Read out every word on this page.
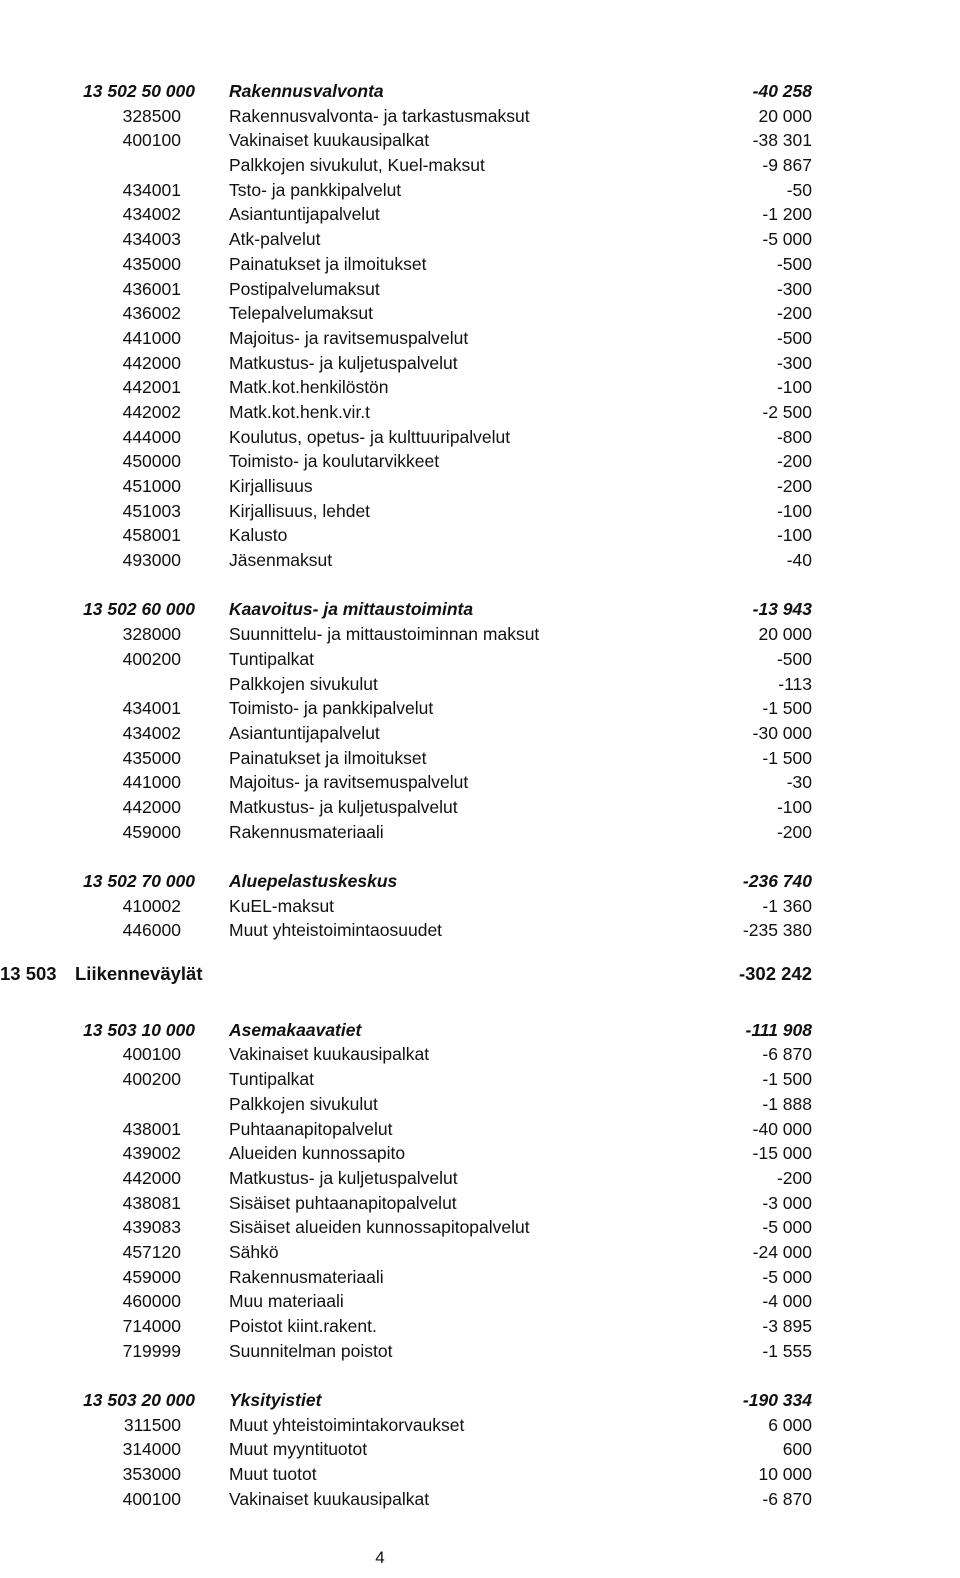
13 502 50 000 Rakennusvalvonta	-40 258
328500	Rakennusvalvonta- ja tarkastusmaksut	20 000
400100	Vakinaiset kuukausipalkat	-38 301
Palkkojen sivukulut, Kuel-maksut	-9 867
434001	Tsto- ja pankkipalvelut	-50
434002	Asiantuntijapalvelut	-1 200
434003	Atk-palvelut	-5 000
435000	Painatukset ja ilmoitukset	-500
436001	Postipalvelumaksut	-300
436002	Telepalvelumaksut	-200
441000	Majoitus- ja ravitsemuspalvelut	-500
442000	Matkustus- ja kuljetuspalvelut	-300
442001	Matk.kot.henkilöstön	-100
442002	Matk.kot.henk.vir.t	-2 500
444000	Koulutus, opetus- ja kulttuuripalvelut	-800
450000	Toimisto- ja koulutarvikkeet	-200
451000	Kirjallisuus	-200
451003	Kirjallisuus, lehdet	-100
458001	Kalusto	-100
493000	Jäsenmaksut	-40
13 502 60 000 Kaavoitus- ja mittaustoiminta	-13 943
328000	Suunnittelu- ja mittaustoiminnan maksut	20 000
400200	Tuntipalkat	-500
Palkkojen sivukulut	-113
434001	Toimisto- ja pankkipalvelut	-1 500
434002	Asiantuntijapalvelut	-30 000
435000	Painatukset ja ilmoitukset	-1 500
441000	Majoitus- ja ravitsemuspalvelut	-30
442000	Matkustus- ja kuljetuspalvelut	-100
459000	Rakennusmateriaali	-200
13 502 70 000 Aluepelastuskeskus	-236 740
410002	KuEL-maksut	-1 360
446000	Muut yhteistoimintaosuudet	-235 380
13 503 Liikenneväylät	-302 242
13 503 10 000 Asemakaavatiet	-111 908
400100	Vakinaiset kuukausipalkat	-6 870
400200	Tuntipalkat	-1 500
Palkkojen sivukulut	-1 888
438001	Puhtaanapitopalvelut	-40 000
439002	Alueiden kunnossapito	-15 000
442000	Matkustus- ja kuljetuspalvelut	-200
438081	Sisäiset puhtaanapitopalvelut	-3 000
439083	Sisäiset alueiden kunnossapitopalvelut	-5 000
457120	Sähkö	-24 000
459000	Rakennusmateriaali	-5 000
460000	Muu materiaali	-4 000
714000	Poistot kiint.rakent.	-3 895
719999	Suunnitelman poistot	-1 555
13 503 20 000 Yksityistiet	-190 334
311500	Muut yhteistoimintakorvaukset	6 000
314000	Muut myyntituotot	600
353000	Muut tuotot	10 000
400100	Vakinaiset kuukausipalkat	-6 870
4
